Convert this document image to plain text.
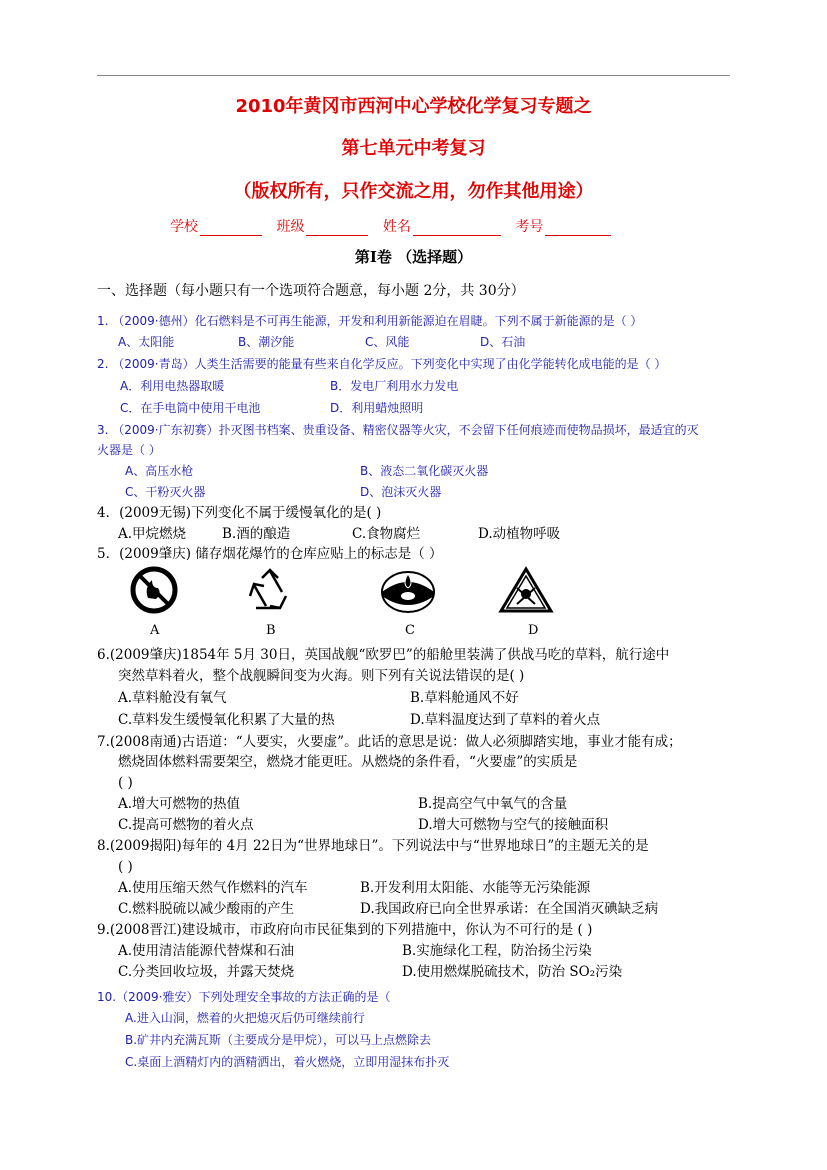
2010年黄冈市西河中心学校化学复习专题之
第七单元中考复习
（版权所有，只作交流之用，勿作其他用途）
学校	班级	姓名	考号
第Ⅰ卷 （选择题）
一、选择题（每小题只有一个选项符合题意，每小题 2分，共 30分）
1. （2009·德州）化石燃料是不可再生能源，开发和利用新能源迫在眉睫。下列不属于新能源的是（ ）
A、太阳能	B、潮汐能	C、风能	D、石油
2. （2009·青岛）人类生活需要的能量有些来自化学反应。下列变化中实现了由化学能转化成电能的是（ ）
A．利用电热器取暖	B．发电厂利用水力发电
C．在手电筒中使用干电池	D．利用蜡烛照明
3. （2009·广东初赛）扑灭图书档案、贵重设备、精密仪器等火灾，不会留下任何痕迹而使物品损坏，最适宜的灭
火器是（ ）
A、高压水枪	B、液态二氧化碳灭火器
C、干粉灭火器	D、泡沫灭火器
4．(2009无锡)下列变化不属于缓慢氧化的是( )
A.甲烷燃烧	B.酒的酿造	C.食物腐烂	D.动植物呼吸
5．(2009肇庆) 储存烟花爆竹的仓库应贴上的标志是（ ）
A	B	C	D
6.(2009肇庆)1854年 5月 30日，英国战舰“欧罗巴”的船舱里装满了供战马吃的草料，航行途中
突然草料着火，整个战舰瞬间变为火海。则下列有关说法错误的是( )
A.草料舱没有氧气	B.草料舱通风不好
C.草料发生缓慢氧化积累了大量的热	D.草料温度达到了草料的着火点
7.(2008南通)古语道：“人要实，火要虚”。此话的意思是说：做人必须脚踏实地，事业才能有成；
燃烧固体燃料需要架空，燃烧才能更旺。从燃烧的条件看，“火要虚”的实质是
( )
A.增大可燃物的热值	B.提高空气中氧气的含量
C.提高可燃物的着火点	D.增大可燃物与空气的接触面积
8.(2009揭阳)每年的 4月 22日为“世界地球日”。下列说法中与“世界地球日”的主题无关的是
( )
A.使用压缩天然气作燃料的汽车	B.开发利用太阳能、水能等无污染能源
C.燃料脱硫以减少酸雨的产生	D.我国政府已向全世界承诺：在全国消灭碘缺乏病
9.(2008晋江)建设城市，市政府向市民征集到的下列措施中，你认为不可行的是 ( )
A.使用清洁能源代替煤和石油	B.实施绿化工程，防治扬尘污染
C.分类回收垃圾，并露天焚烧	D.使用燃煤脱硫技术，防治 SO₂污染
10.（2009·雅安）下列处理安全事故的方法正确的是（
A.进入山洞，燃着的火把熄灭后仍可继续前行
B.矿井内充满瓦斯（主要成分是甲烷），可以马上点燃除去
C.桌面上酒精灯内的酒精洒出，着火燃烧，立即用湿抹布扑灭
